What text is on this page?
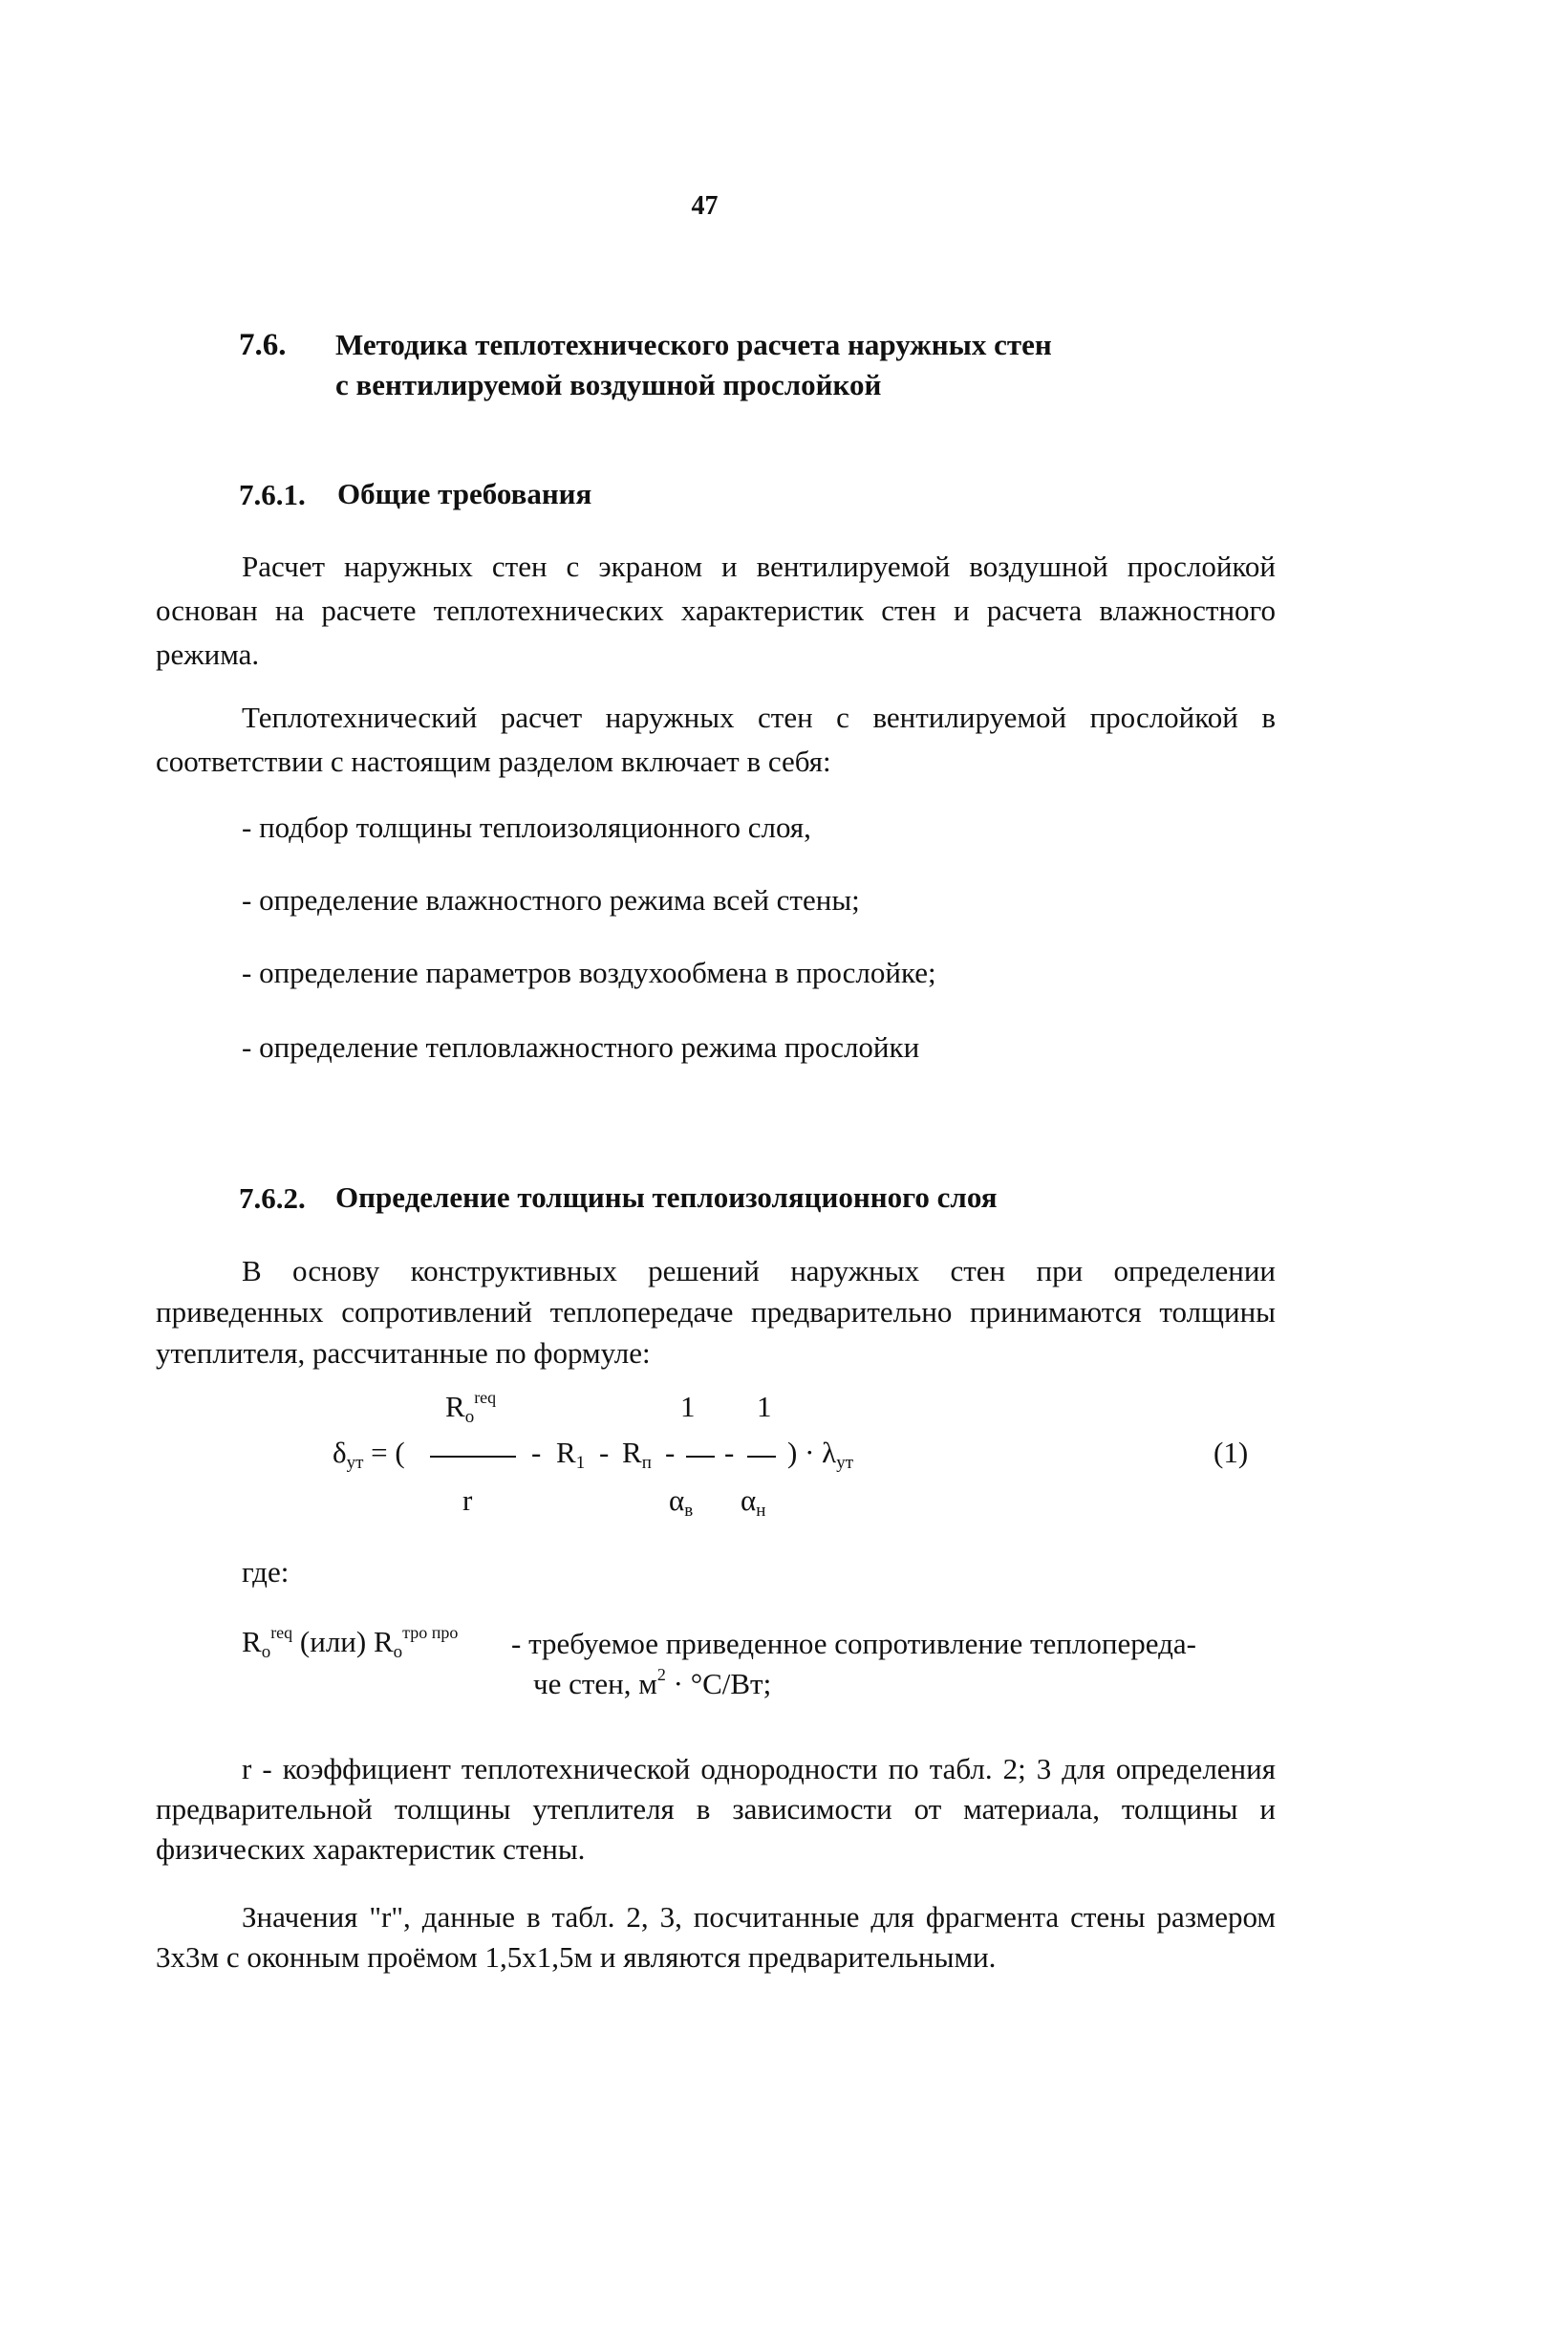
47
7.6. Методика теплотехнического расчета наружных стен
с вентилируемой воздушной прослойкой
7.6.1. Общие требования
Расчет наружных стен с экраном и вентилируемой воздушной прослойкой основан на расчете теплотехнических характеристик стен и расчета влажностного режима.
Теплотехнический расчет наружных стен с вентилируемой прослойкой в соответствии с настоящим разделом включает в себя:
- подбор толщины теплоизоляционного слоя,
- определение влажностного режима всей стены;
- определение параметров воздухообмена в прослойке;
- определение тепловлажностного режима прослойки
7.6.2. Определение толщины теплоизоляционного слоя
В основу конструктивных решений наружных стен при определении приведенных сопротивлений теплопередаче предварительно принимаются толщины утеплителя, рассчитанные по формуле:
$R_о^{req}$	1 1
$\delta_{ут}$ = (	- $R_1 - R_п$ - - ) · $\lambda_{ут}$	(1)
r	$\alpha_в$ $\alpha_н$
где:
$R_о^{req}$ (или) $R_о^{тро про}$ - требуемое приведенное сопротивление теплопереда-
че стен, $м^2 \cdot ^\circ С/Вт$;
r - коэффициент теплотехнической однородности по табл. 2; 3 для определения предварительной толщины утеплителя в зависимости от материала, толщины и физических характеристик стены.
Значения "r", данные в табл. 2, 3, посчитанные для фрагмента стены размером 3х3м с оконным проёмом 1,5х1,5м и являются предварительными.
